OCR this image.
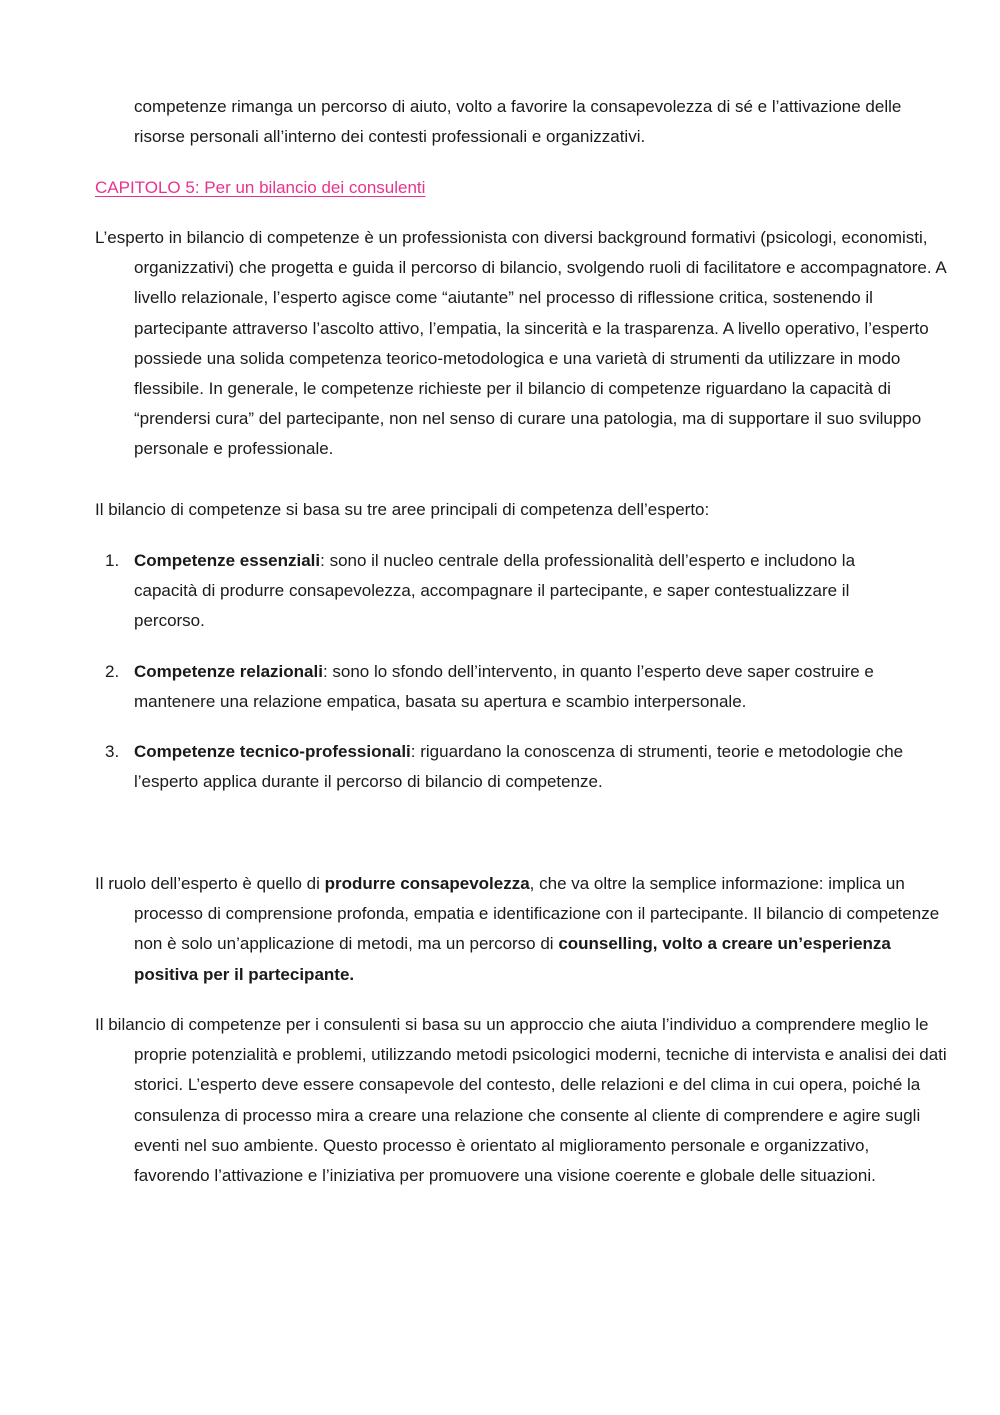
competenze rimanga un percorso di aiuto, volto a favorire la consapevolezza di sé e l’attivazione delle risorse personali all’interno dei contesti professionali e organizzativi.

CAPITOLO 5: Per un bilancio dei consulenti

L’esperto in bilancio di competenze è un professionista con diversi background formativi (psicologi, economisti, organizzativi) che progetta e guida il percorso di bilancio, svolgendo ruoli di facilitatore e accompagnatore. A livello relazionale, l’esperto agisce come “aiutante” nel processo di riflessione critica, sostenendo il partecipante attraverso l’ascolto attivo, l’empatia, la sincerità e la trasparenza. A livello operativo, l’esperto possiede una solida competenza teorico-metodologica e una varietà di strumenti da utilizzare in modo flessibile. In generale, le competenze richieste per il bilancio di competenze riguardano la capacità di “prendersi cura” del partecipante, non nel senso di curare una patologia, ma di supportare il suo sviluppo personale e professionale.

Il bilancio di competenze si basa su tre aree principali di competenza dell’esperto:

1. Competenze essenziali: sono il nucleo centrale della professionalità dell’esperto e includono la capacità di produrre consapevolezza, accompagnare il partecipante, e saper contestualizzare il percorso.
2. Competenze relazionali: sono lo sfondo dell’intervento, in quanto l’esperto deve saper costruire e mantenere una relazione empatica, basata su apertura e scambio interpersonale.
3. Competenze tecnico-professionali: riguardano la conoscenza di strumenti, teorie e metodologie che l’esperto applica durante il percorso di bilancio di competenze.

Il ruolo dell’esperto è quello di produrre consapevolezza, che va oltre la semplice informazione: implica un processo di comprensione profonda, empatia e identificazione con il partecipante. Il bilancio di competenze non è solo un’applicazione di metodi, ma un percorso di counselling, volto a creare un’esperienza positiva per il partecipante.

Il bilancio di competenze per i consulenti si basa su un approccio che aiuta l’individuo a comprendere meglio le proprie potenzialità e problemi, utilizzando metodi psicologici moderni, tecniche di intervista e analisi dei dati storici. L’esperto deve essere consapevole del contesto, delle relazioni e del clima in cui opera, poiché la consulenza di processo mira a creare una relazione che consente al cliente di comprendere e agire sugli eventi nel suo ambiente. Questo processo è orientato al miglioramento personale e organizzativo, favorendo l’attivazione e l’iniziativa per promuovere una visione coerente e globale delle situazioni.
